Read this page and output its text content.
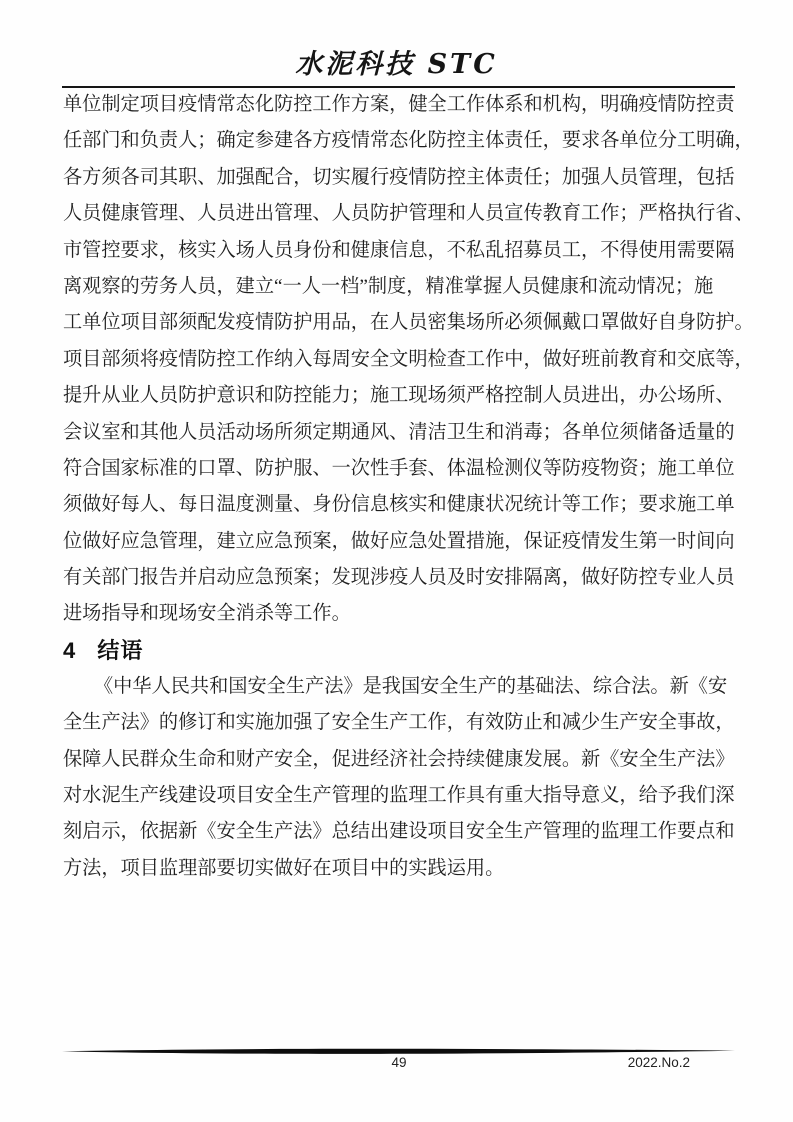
水泥科技 STC
单位制定项目疫情常态化防控工作方案，健全工作体系和机构，明确疫情防控责
任部门和负责人；确定参建各方疫情常态化防控主体责任，要求各单位分工明确，
各方须各司其职、加强配合，切实履行疫情防控主体责任；加强人员管理，包括
人员健康管理、人员进出管理、人员防护管理和人员宣传教育工作；严格执行省、
市管控要求，核实入场人员身份和健康信息，不私乱招募员工，不得使用需要隔
离观察的劳务人员，建立“一人一档”制度，精准掌握人员健康和流动情况；施
工单位项目部须配发疫情防护用品，在人员密集场所必须佩戴口罩做好自身防护。
项目部须将疫情防控工作纳入每周安全文明检查工作中，做好班前教育和交底等，
提升从业人员防护意识和防控能力；施工现场须严格控制人员进出，办公场所、
会议室和其他人员活动场所须定期通风、清洁卫生和消毒；各单位须储备适量的
符合国家标准的口罩、防护服、一次性手套、体温检测仪等防疫物资；施工单位
须做好每人、每日温度测量、身份信息核实和健康状况统计等工作；要求施工单
位做好应急管理，建立应急预案，做好应急处置措施，保证疫情发生第一时间向
有关部门报告并启动应急预案；发现涉疫人员及时安排隔离，做好防控专业人员
进场指导和现场安全消杀等工作。
4 结语
《中华人民共和国安全生产法》是我国安全生产的基础法、综合法。新《安
全生产法》的修订和实施加强了安全生产工作，有效防止和减少生产安全事故，
保障人民群众生命和财产安全，促进经济社会持续健康发展。新《安全生产法》
对水泥生产线建设项目安全生产管理的监理工作具有重大指导意义，给予我们深
刻启示，依据新《安全生产法》总结出建设项目安全生产管理的监理工作要点和
方法，项目监理部要切实做好在项目中的实践运用。
49	2022.No.2
